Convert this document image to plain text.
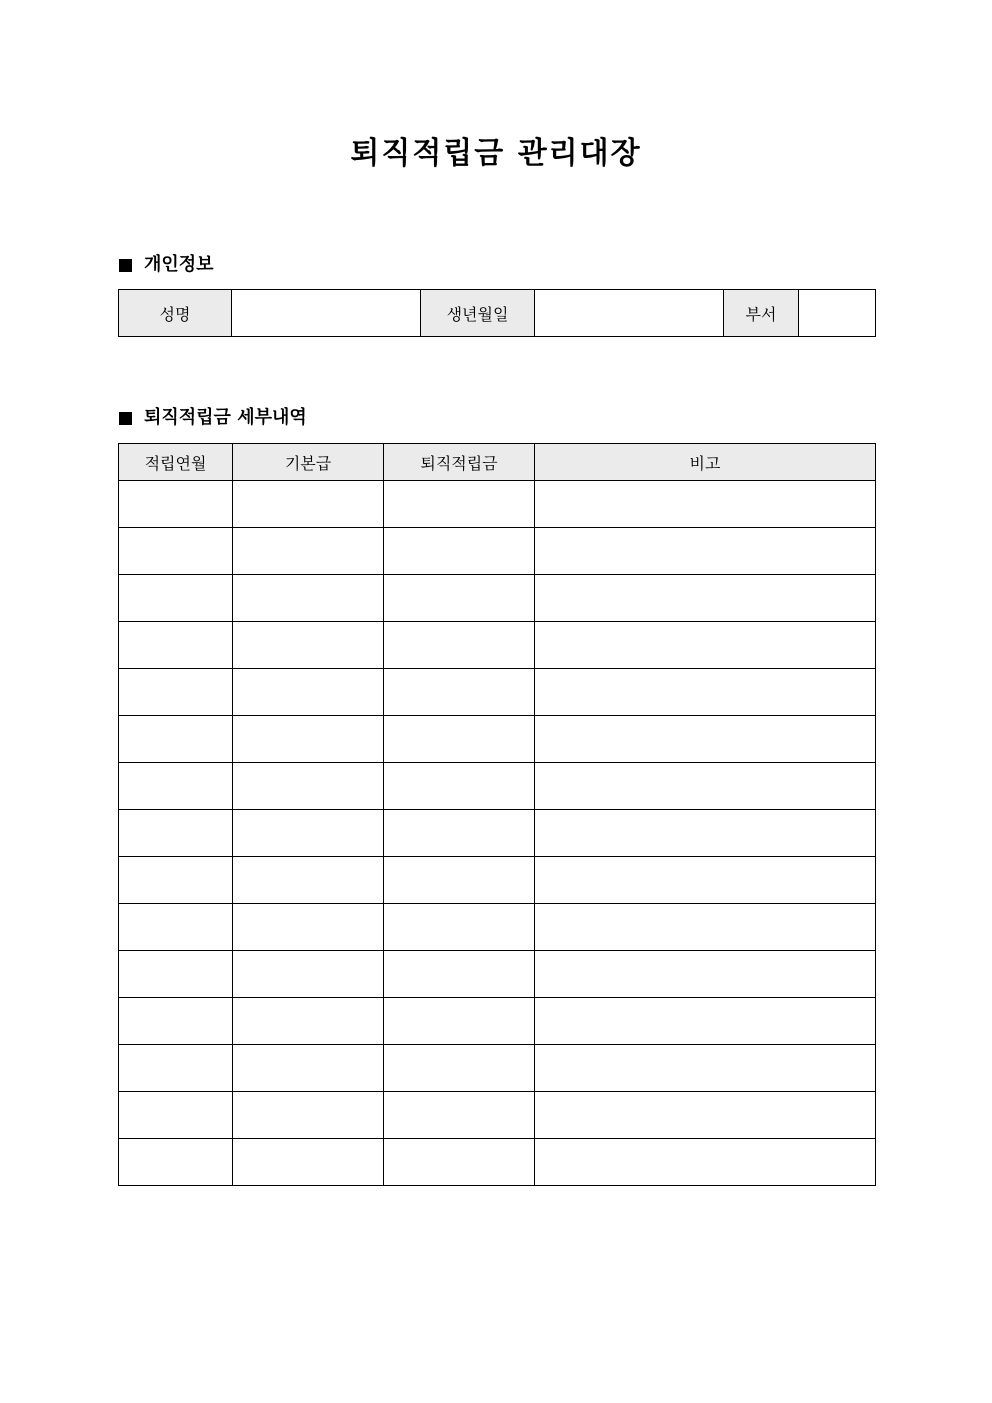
퇴직적립금 관리대장
개인정보
성명		생년월일		부서	
퇴직적립금 세부내역
적립연월	기본급	퇴직적립금	비고
